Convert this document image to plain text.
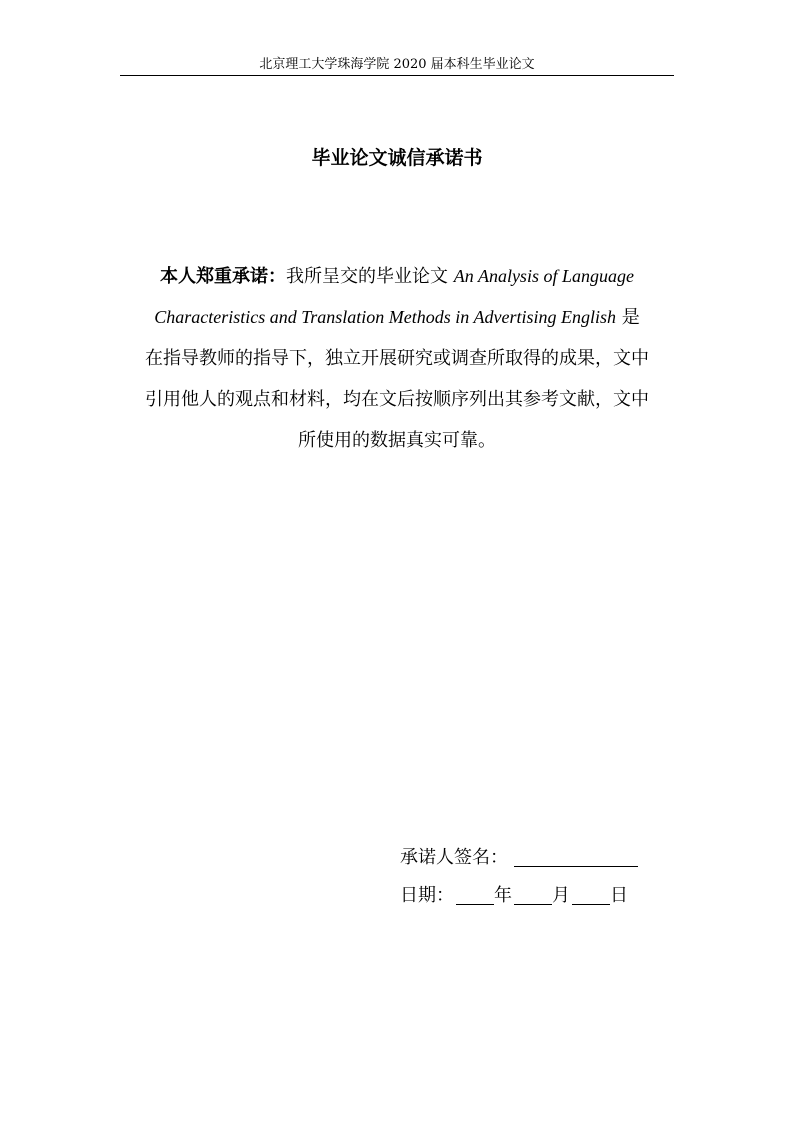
北京理工大学珠海学院 2020 届本科生毕业论文
毕业论文诚信承诺书
本人郑重承诺：我所呈交的毕业论文 An Analysis of Language
Characteristics and Translation Methods in Advertising English 是
在指导教师的指导下，独立开展研究或调查所取得的成果，文中
引用他人的观点和材料，均在文后按顺序列出其参考文献，文中
所使用的数据真实可靠。
承诺人签名：
日期： 年 月 日
